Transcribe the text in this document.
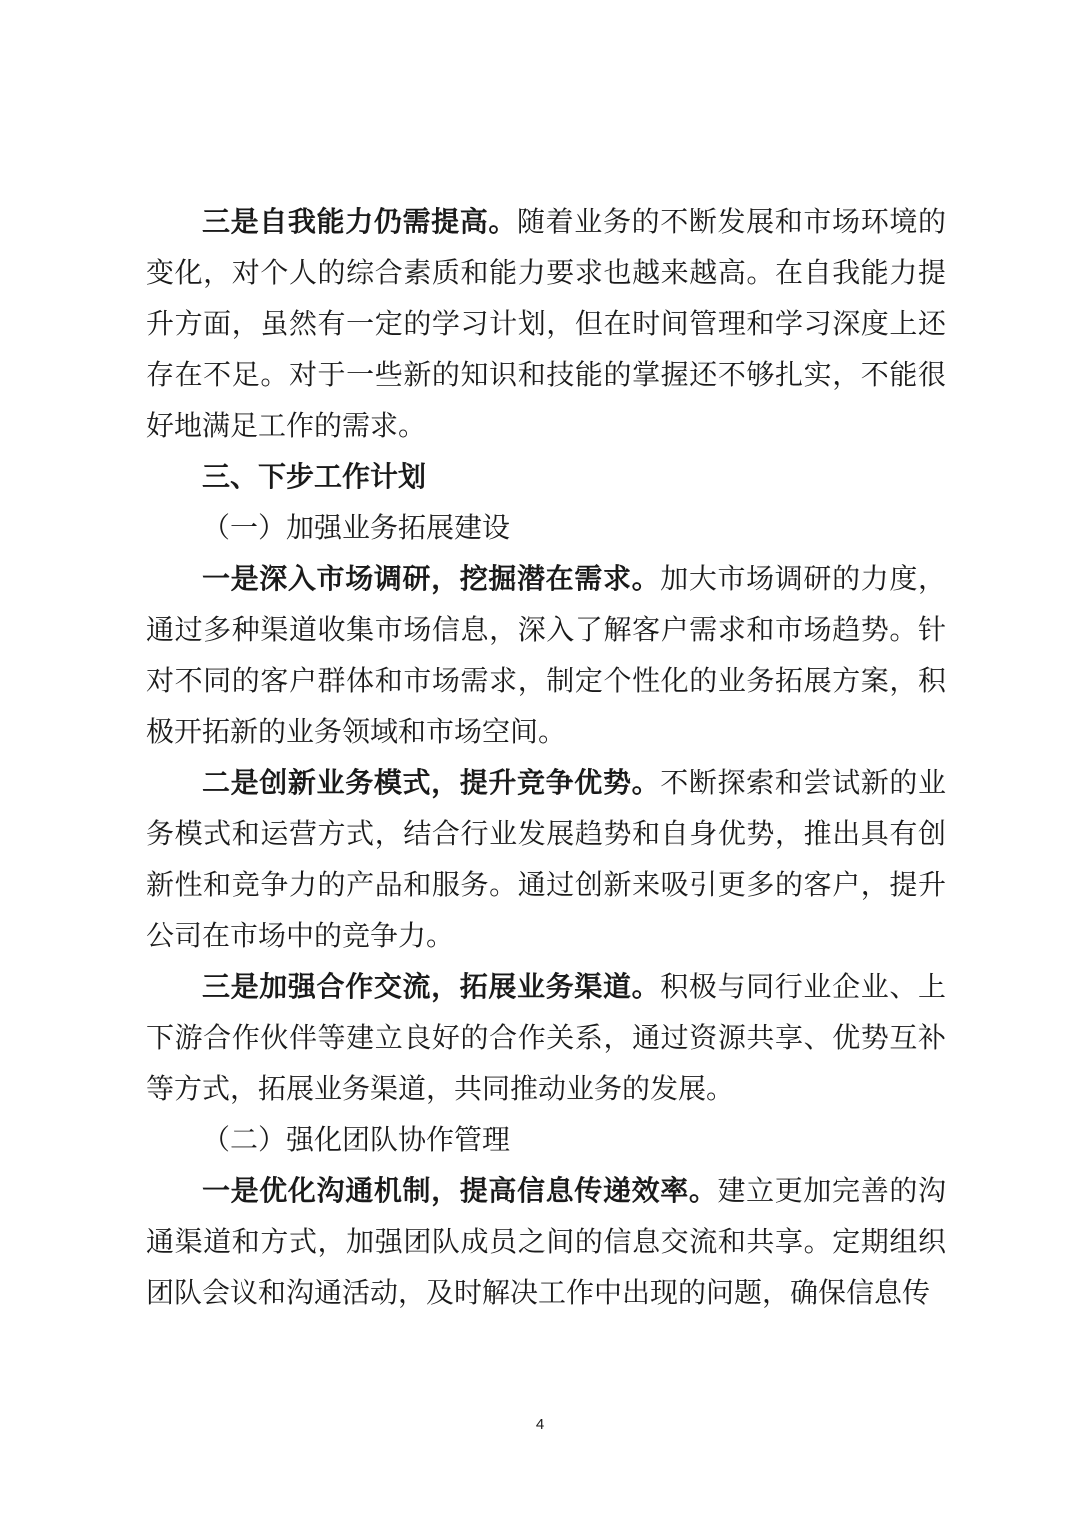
三是自我能力仍需提高。随着业务的不断发展和市场环境的变化，对个人的综合素质和能力要求也越来越高。在自我能力提升方面，虽然有一定的学习计划，但在时间管理和学习深度上还存在不足。对于一些新的知识和技能的掌握还不够扎实，不能很好地满足工作的需求。

三、下步工作计划

（一）加强业务拓展建设

一是深入市场调研，挖掘潜在需求。加大市场调研的力度，通过多种渠道收集市场信息，深入了解客户需求和市场趋势。针对不同的客户群体和市场需求，制定个性化的业务拓展方案，积极开拓新的业务领域和市场空间。

二是创新业务模式，提升竞争优势。不断探索和尝试新的业务模式和运营方式，结合行业发展趋势和自身优势，推出具有创新性和竞争力的产品和服务。通过创新来吸引更多的客户，提升公司在市场中的竞争力。

三是加强合作交流，拓展业务渠道。积极与同行业企业、上下游合作伙伴等建立良好的合作关系，通过资源共享、优势互补等方式，拓展业务渠道，共同推动业务的发展。

（二）强化团队协作管理

一是优化沟通机制，提高信息传递效率。建立更加完善的沟通渠道和方式，加强团队成员之间的信息交流和共享。定期组织团队会议和沟通活动，及时解决工作中出现的问题，确保信息传

4
